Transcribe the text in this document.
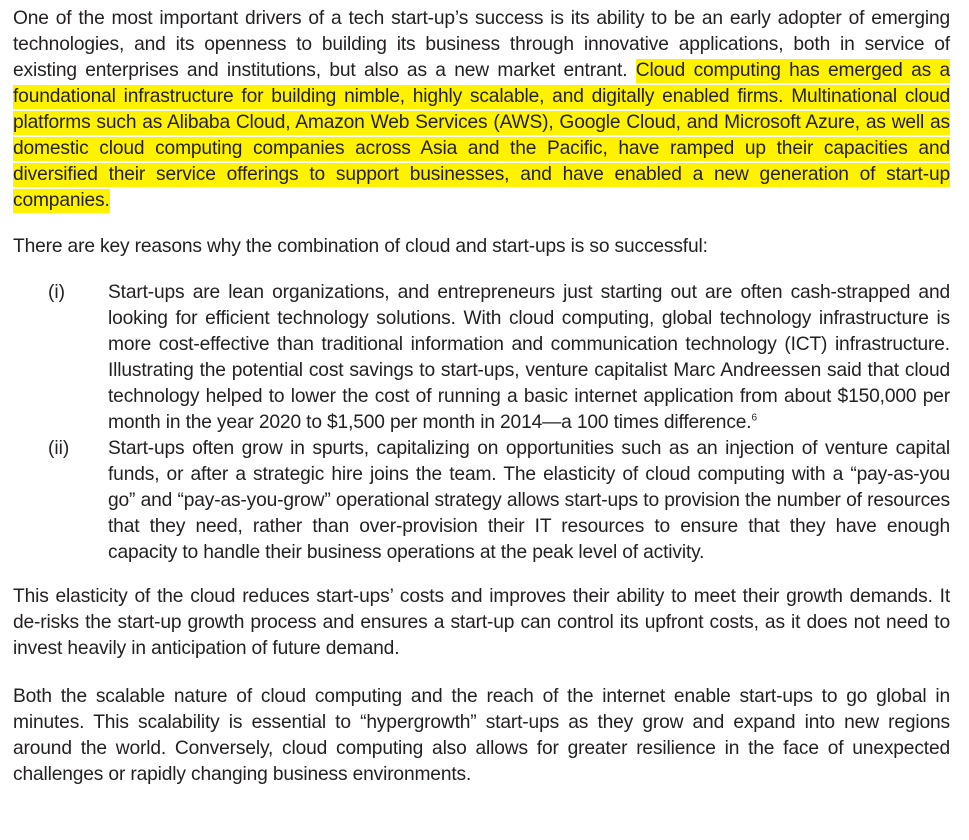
One of the most important drivers of a tech start-up’s success is its ability to be an early adopter of emerging technologies, and its openness to building its business through innovative applications, both in service of existing enterprises and institutions, but also as a new market entrant. Cloud computing has emerged as a foundational infrastructure for building nimble, highly scalable, and digitally enabled firms. Multinational cloud platforms such as Alibaba Cloud, Amazon Web Services (AWS), Google Cloud, and Microsoft Azure, as well as domestic cloud computing companies across Asia and the Pacific, have ramped up their capacities and diversified their service offerings to support businesses, and have enabled a new generation of start-up companies.

There are key reasons why the combination of cloud and start-ups is so successful:

(i)	Start-ups are lean organizations, and entrepreneurs just starting out are often cash-strapped and looking for efficient technology solutions. With cloud computing, global technology infrastructure is more cost-effective than traditional information and communication technology (ICT) infrastructure. Illustrating the potential cost savings to start-ups, venture capitalist Marc Andreessen said that cloud technology helped to lower the cost of running a basic internet application from about $150,000 per month in the year 2020 to $1,500 per month in 2014—a 100 times difference.$^6$

(ii)	Start-ups often grow in spurts, capitalizing on opportunities such as an injection of venture capital funds, or after a strategic hire joins the team. The elasticity of cloud computing with a “pay-as-you go” and “pay-as-you-grow” operational strategy allows start-ups to provision the number of resources that they need, rather than over-provision their IT resources to ensure that they have enough capacity to handle their business operations at the peak level of activity.

This elasticity of the cloud reduces start-ups’ costs and improves their ability to meet their growth demands. It de-risks the start-up growth process and ensures a start-up can control its upfront costs, as it does not need to invest heavily in anticipation of future demand.

Both the scalable nature of cloud computing and the reach of the internet enable start-ups to go global in minutes. This scalability is essential to “hypergrowth” start-ups as they grow and expand into new regions around the world. Conversely, cloud computing also allows for greater resilience in the face of unexpected challenges or rapidly changing business environments.
